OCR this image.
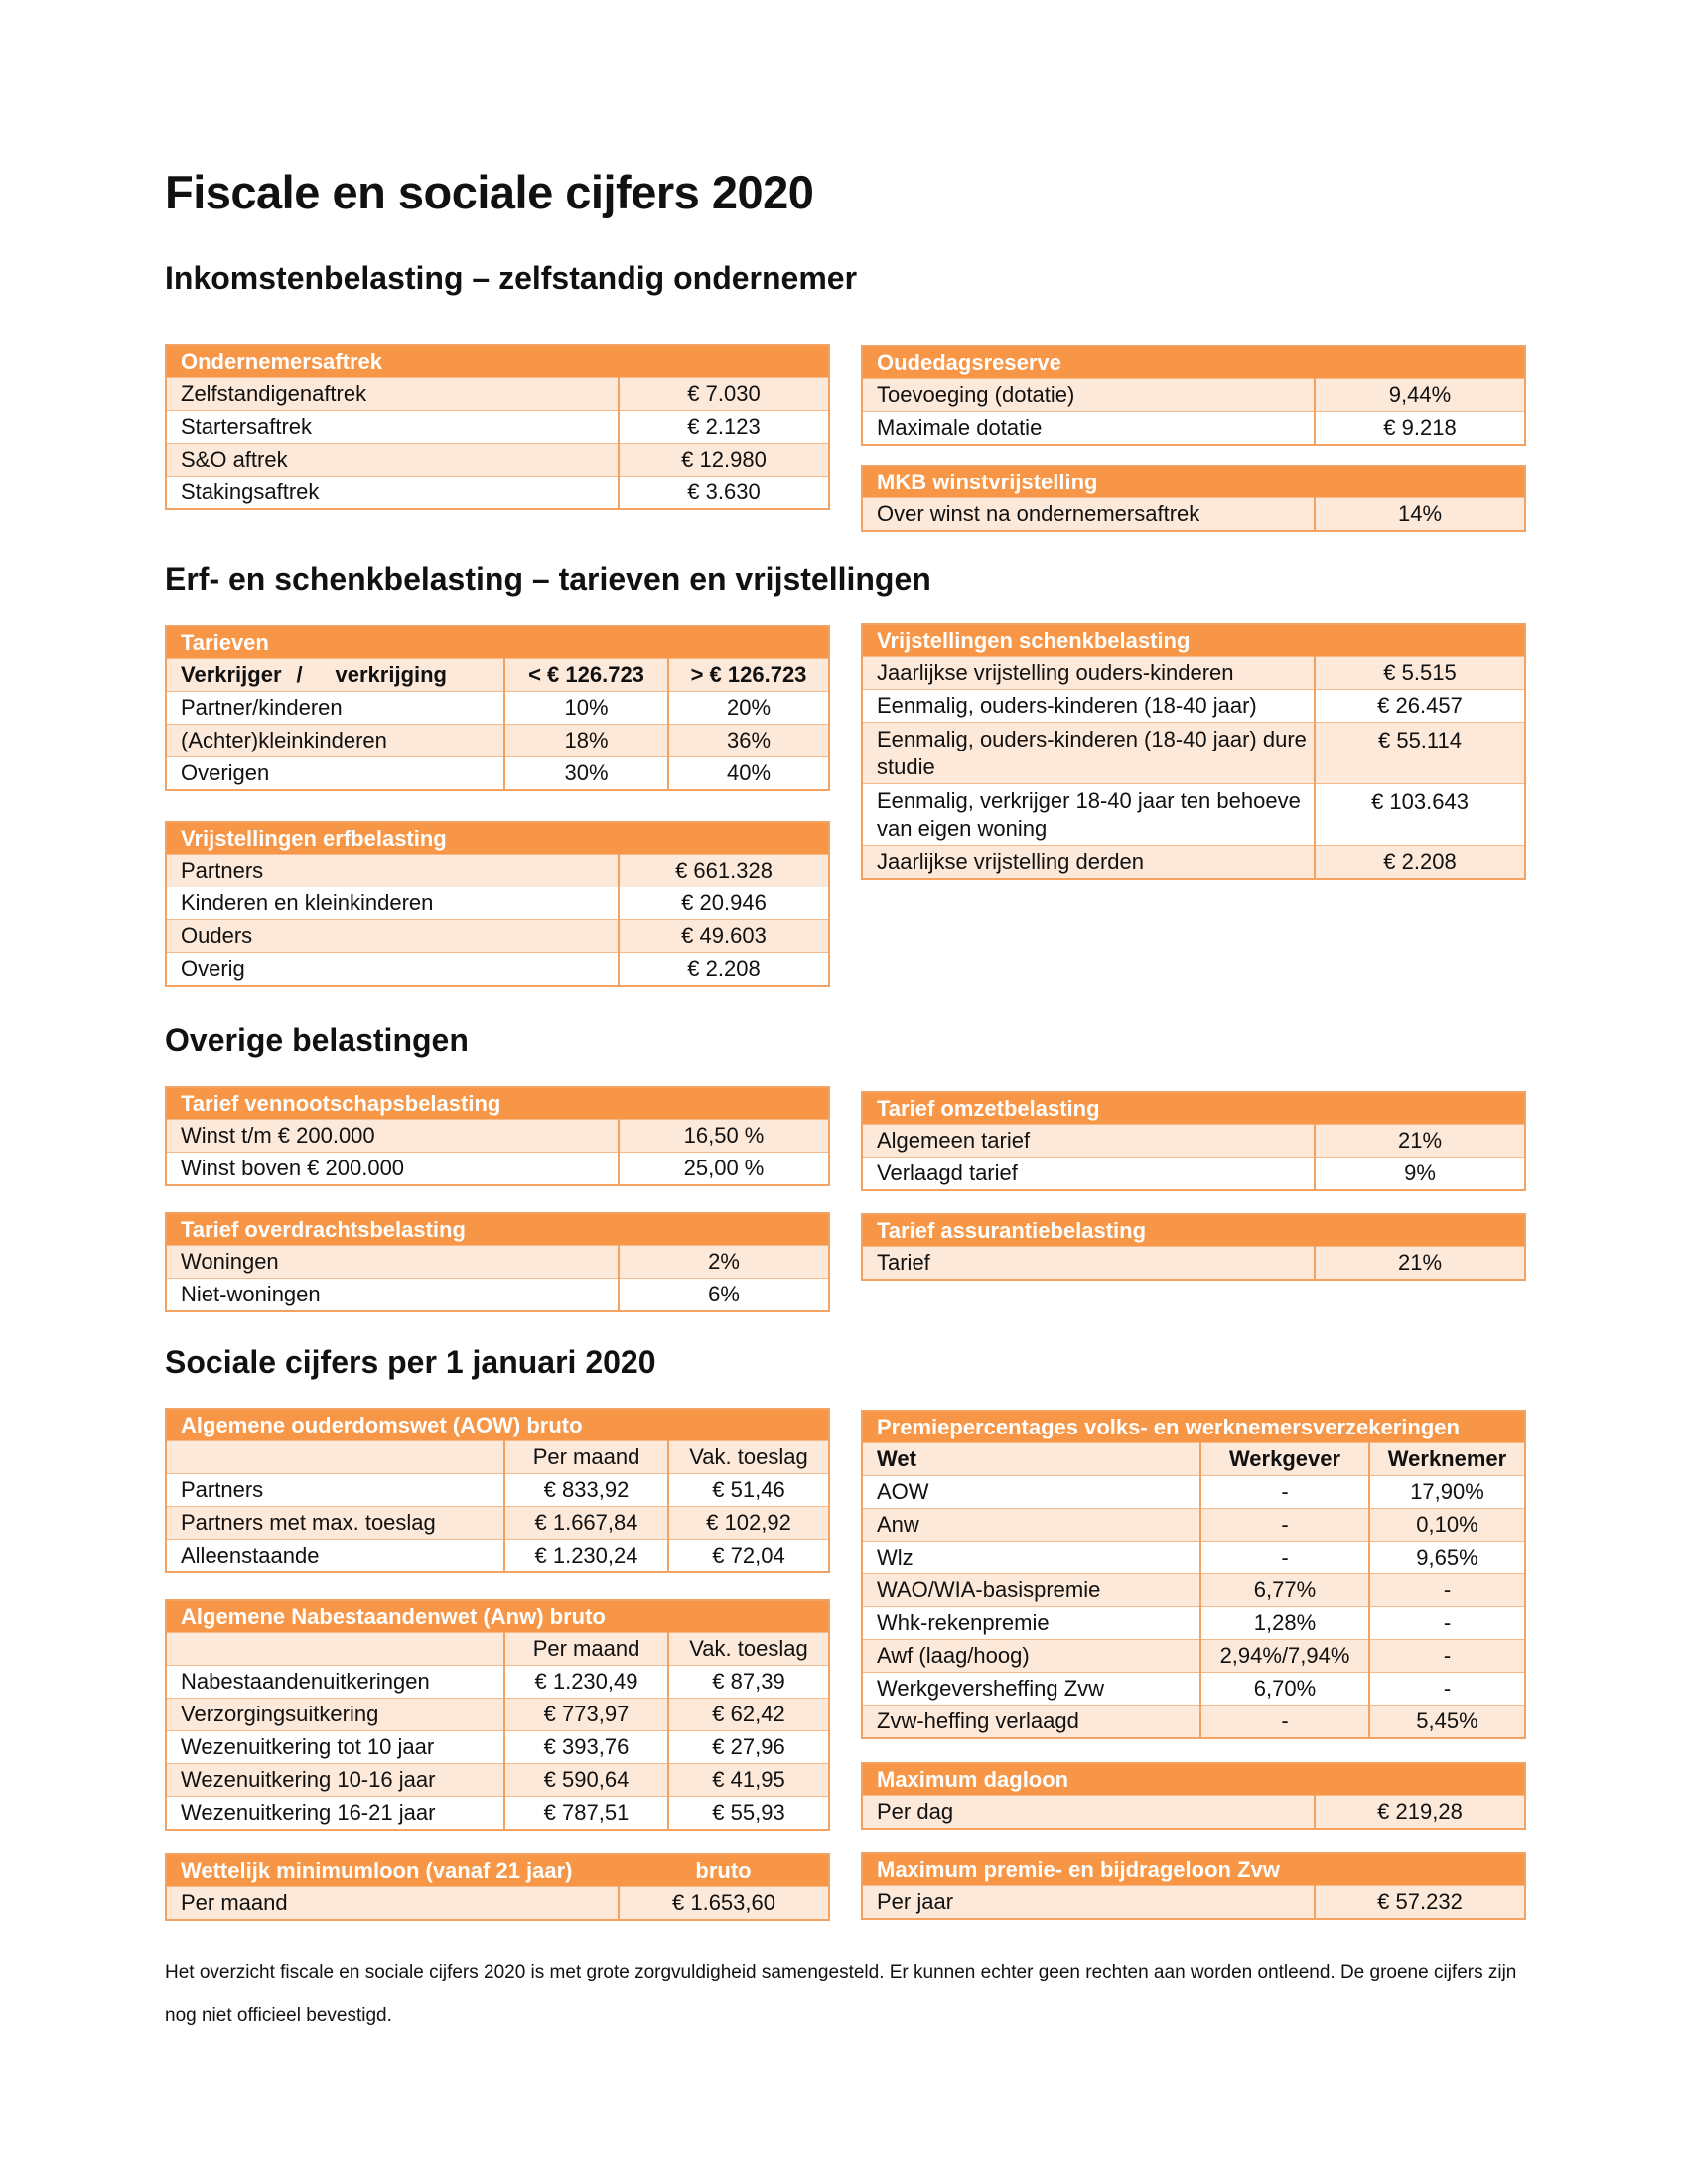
Fiscale en sociale cijfers 2020
Inkomstenbelasting – zelfstandig ondernemer
Ondernemersaftrek	
Zelfstandigenaftrek	€ 7.030
Startersaftrek	€ 2.123
S&O aftrek	€ 12.980
Stakingsaftrek	€ 3.630
Oudedagsreserve	
Toevoeging (dotatie)	9,44%
Maximale dotatie	€ 9.218
MKB winstvrijstelling
Over winst na ondernemersaftrek	14%
Erf- en schenkbelasting – tarieven en vrijstellingen
Tarieven		
Verkrijger / verkrijging	< € 126.723	> € 126.723
Partner/kinderen	10%	20%
(Achter)kleinkinderen	18%	36%
Overigen	30%	40%
Vrijstellingen schenkbelasting	
Jaarlijkse vrijstelling ouders-kinderen	€ 5.515
Eenmalig, ouders-kinderen (18-40 jaar)	€ 26.457
Eenmalig, ouders-kinderen (18-40 jaar) dure studie	€ 55.114
Eenmalig, verkrijger 18-40 jaar ten behoeve van eigen woning	€ 103.643
Jaarlijkse vrijstelling derden	€ 2.208
Vrijstellingen erfbelasting	
Partners	€ 661.328
Kinderen en kleinkinderen	€ 20.946
Ouders	€ 49.603
Overig	€ 2.208
Overige belastingen
Tarief vennootschapsbelasting	
Winst t/m € 200.000	16,50 %
Winst boven € 200.000	25,00 %
Tarief omzetbelasting	
Algemeen tarief	21%
Verlaagd tarief	9%
Tarief overdrachtsbelasting	
Woningen	2%
Niet-woningen	6%
Tarief assurantiebelasting
Tarief	21%
Sociale cijfers per 1 januari 2020
Algemene ouderdomswet (AOW) bruto		
	Per maand	Vak. toeslag
Partners	€ 833,92	€ 51,46
Partners met max. toeslag	€ 1.667,84	€ 102,92
Alleenstaande	€ 1.230,24	€ 72,04
Premiepercentages volks- en werknemersverzekeringen		
Wet	Werkgever	Werknemer
AOW	-	17,90%
Anw	-	0,10%
Wlz	-	9,65%
WAO/WIA-basispremie	6,77%	-
Whk-rekenpremie	1,28%	-
Awf (laag/hoog)	2,94%/7,94%	-
Werkgeversheffing Zvw	6,70%	-
Zvw-heffing verlaagd	-	5,45%
Algemene Nabestaandenwet (Anw) bruto		
	Per maand	Vak. toeslag
Nabestaandenuitkeringen	€ 1.230,49	€ 87,39
Verzorgingsuitkering	€ 773,97	€ 62,42
Wezenuitkering tot 10 jaar	€ 393,76	€ 27,96
Wezenuitkering 10-16 jaar	€ 590,64	€ 41,95
Wezenuitkering 16-21 jaar	€ 787,51	€ 55,93
Maximum dagloon
Per dag	€ 219,28
Wettelijk minimumloon (vanaf 21 jaar)	bruto
Per maand	€ 1.653,60
Maximum premie- en bijdrageloon Zvw
Per jaar	€ 57.232

Het overzicht fiscale en sociale cijfers 2020 is met grote zorgvuldigheid samengesteld. Er kunnen echter geen rechten aan worden ontleend. De groene cijfers zijn nog niet officieel bevestigd.
